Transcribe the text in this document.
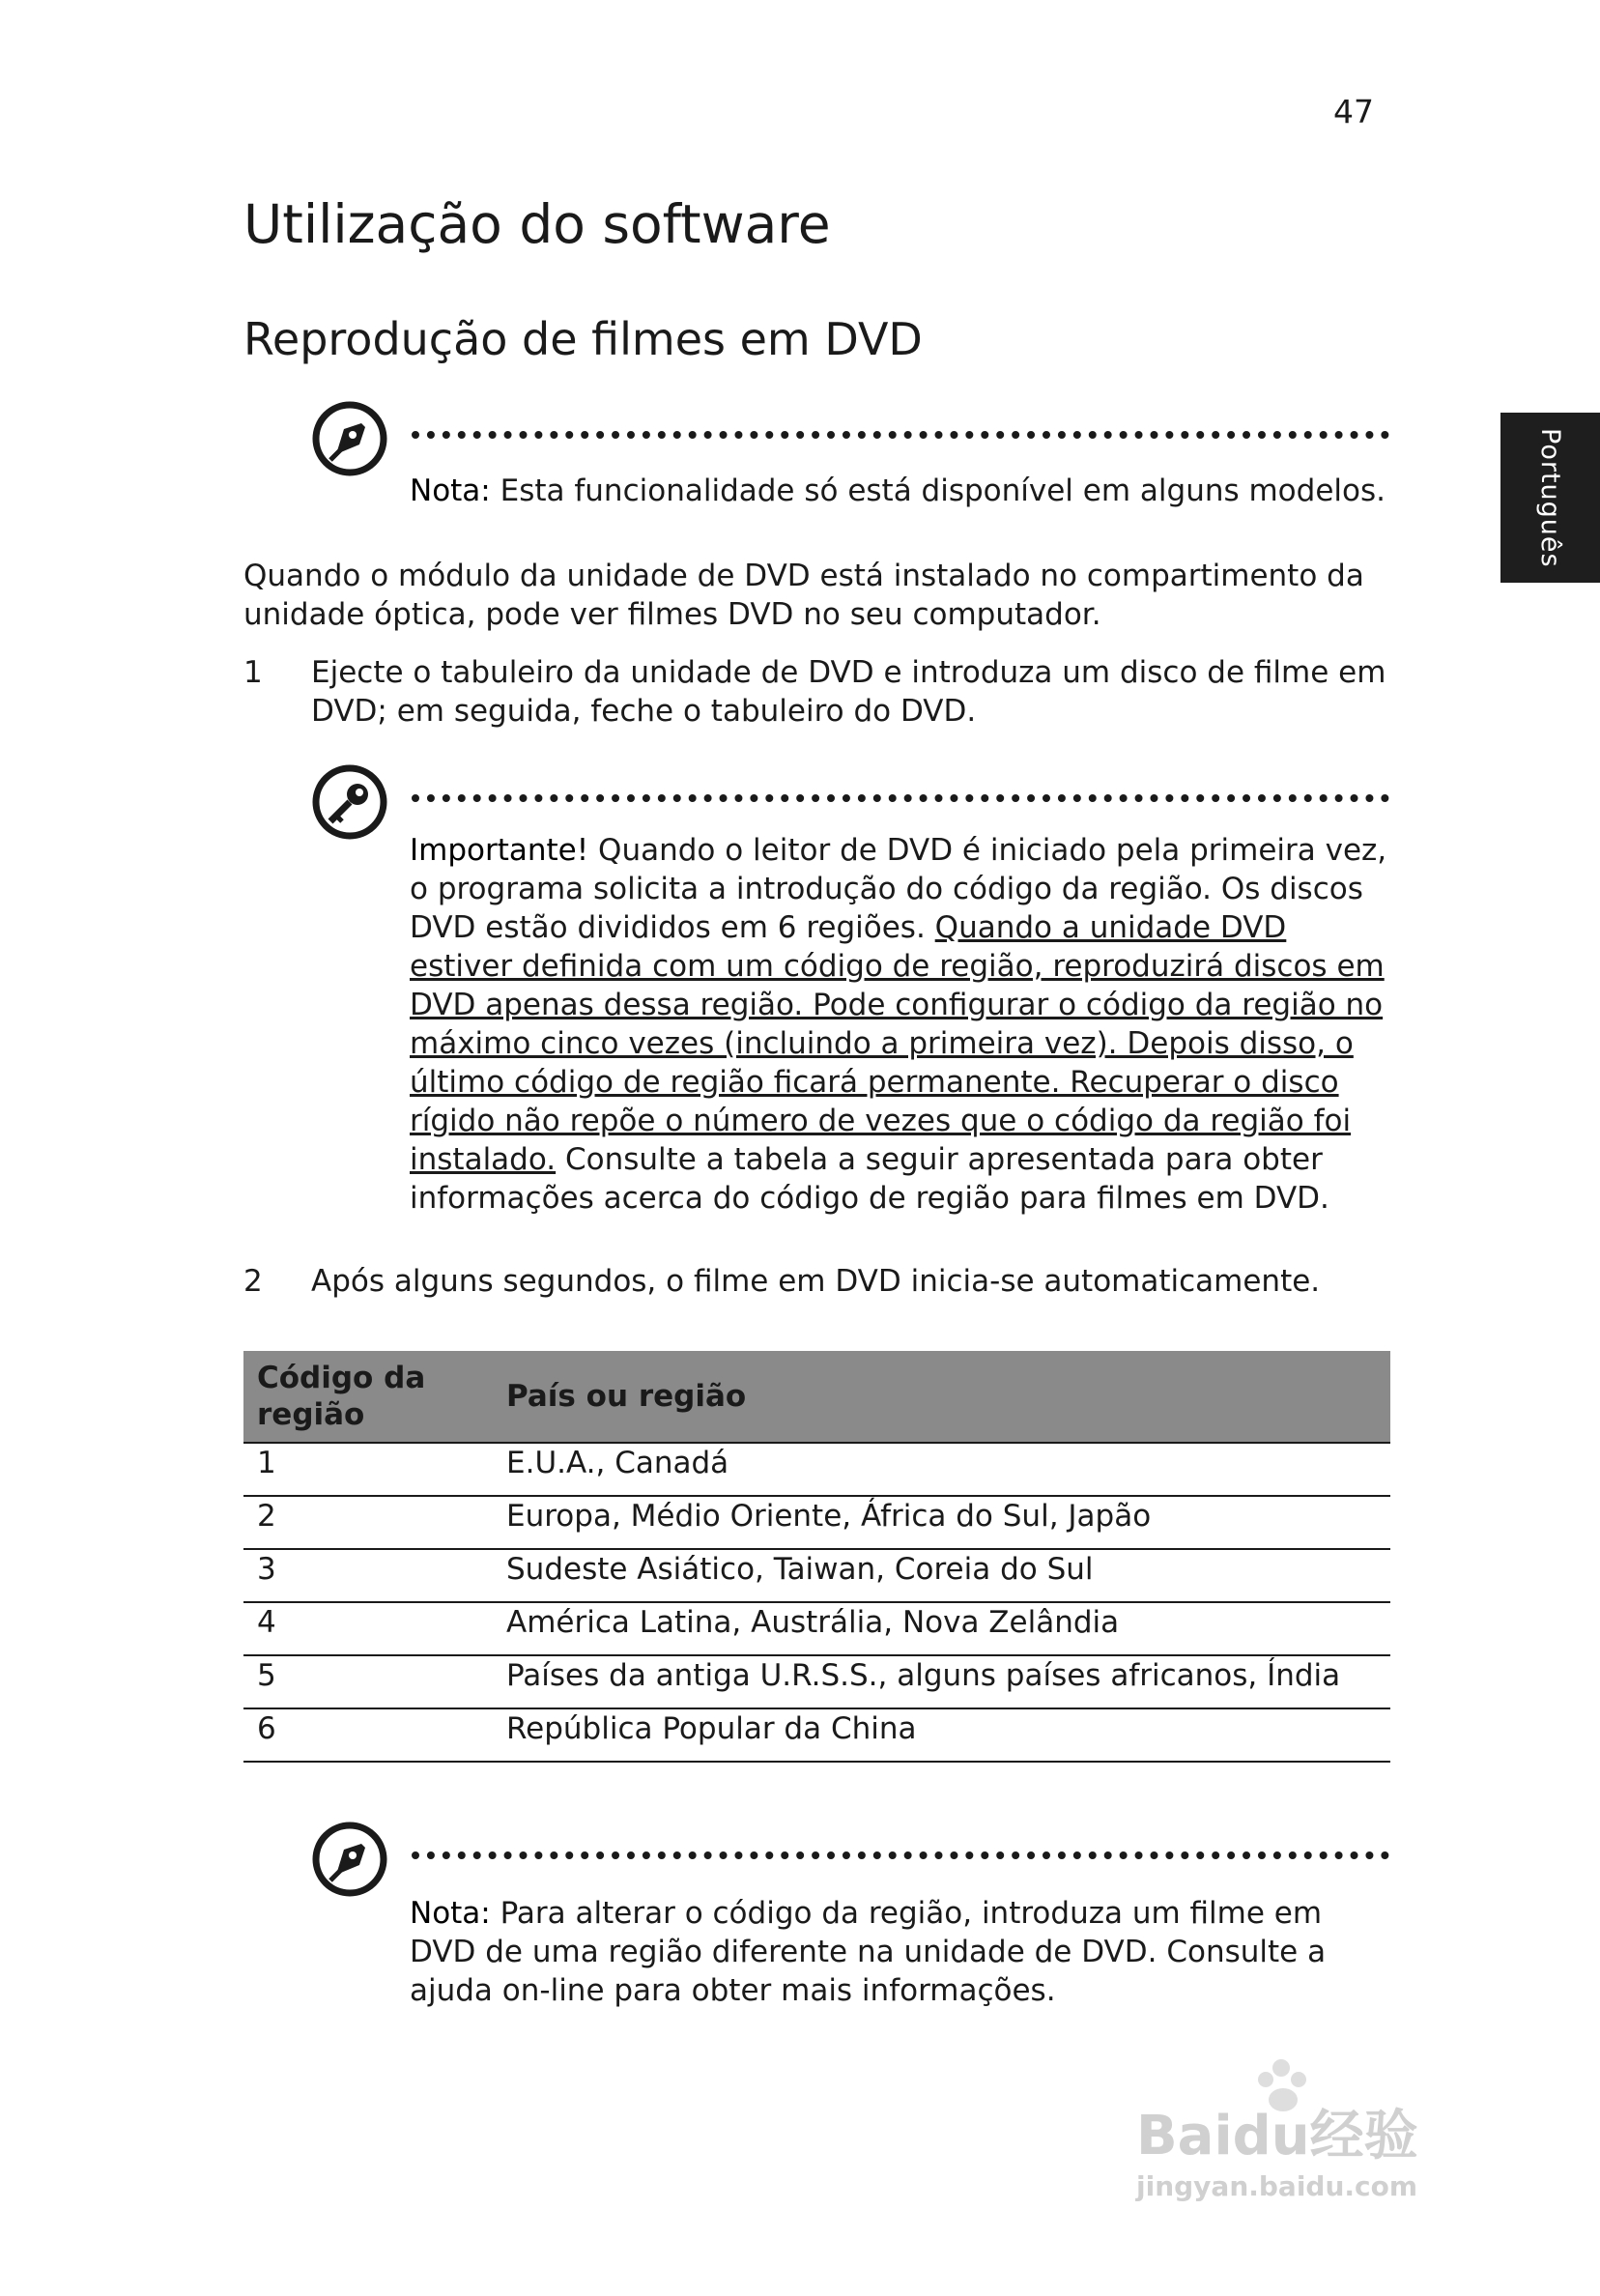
47
Português
Utilização do software
Reprodução de filmes em DVD
Nota: Esta funcionalidade só está disponível em alguns modelos.
Quando o módulo da unidade de DVD está instalado no compartimento da unidade óptica, pode ver filmes DVD no seu computador.
1 Ejecte o tabuleiro da unidade de DVD e introduza um disco de filme em DVD; em seguida, feche o tabuleiro do DVD.
Importante! Quando o leitor de DVD é iniciado pela primeira vez, o programa solicita a introdução do código da região. Os discos DVD estão divididos em 6 regiões. Quando a unidade DVD estiver definida com um código de região, reproduzirá discos em DVD apenas dessa região. Pode configurar o código da região no máximo cinco vezes (incluindo a primeira vez). Depois disso, o último código de região ficará permanente. Recuperar o disco rígido não repõe o número de vezes que o código da região foi instalado. Consulte a tabela a seguir apresentada para obter informações acerca do código de região para filmes em DVD.
2 Após alguns segundos, o filme em DVD inicia-se automaticamente.
Código da região	País ou região
1	E.U.A., Canadá
2	Europa, Médio Oriente, África do Sul, Japão
3	Sudeste Asiático, Taiwan, Coreia do Sul
4	América Latina, Austrália, Nova Zelândia
5	Países da antiga U.R.S.S., alguns países africanos, Índia
6	República Popular da China
Nota: Para alterar o código da região, introduza um filme em DVD de uma região diferente na unidade de DVD. Consulte a ajuda on-line para obter mais informações.
Baidu经验
jingyan.baidu.com
